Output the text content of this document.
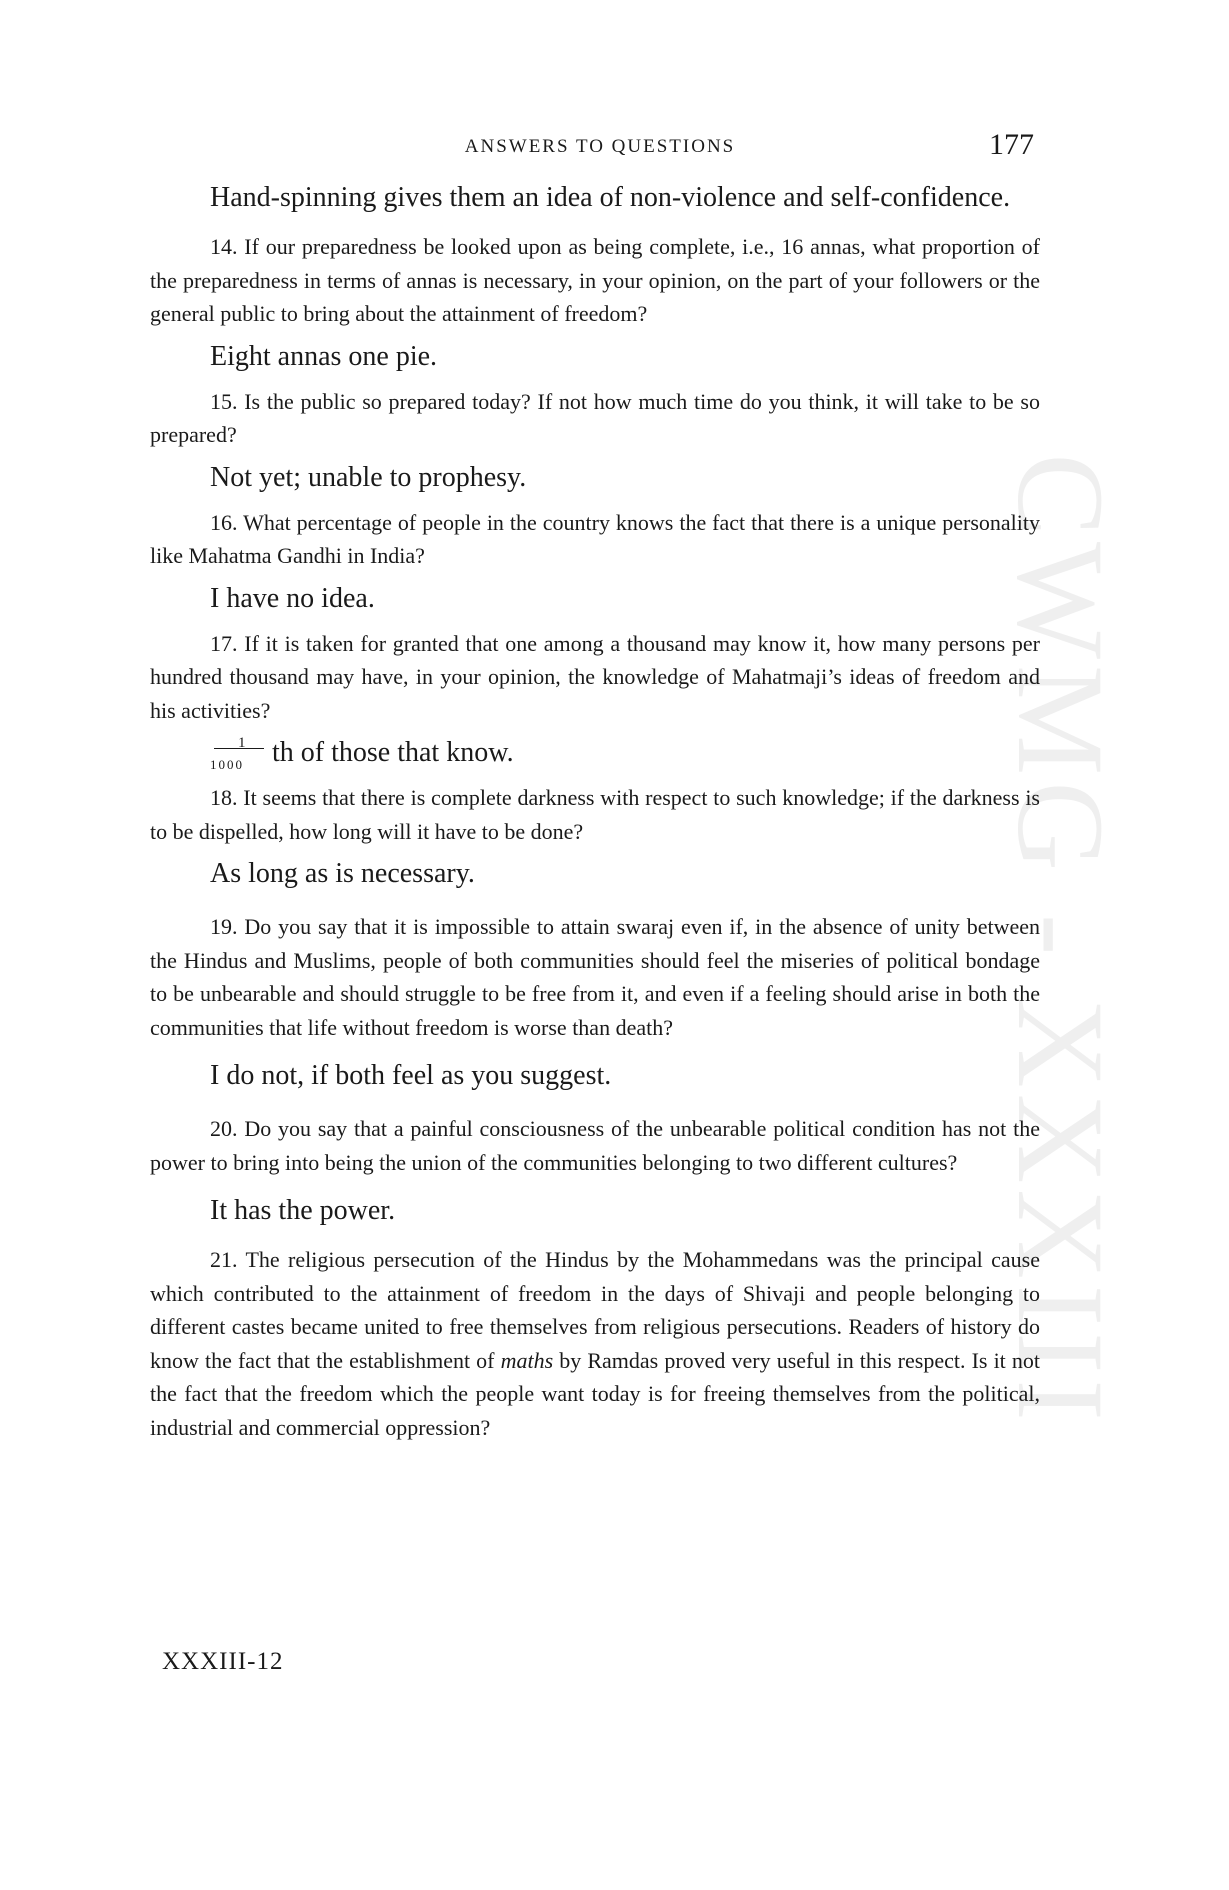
ANSWERS TO QUESTIONS	177
CWMG - XXXIII

Hand-spinning gives them an idea of non-violence and self-confidence.

14. If our preparedness be looked upon as being complete, i.e., 16 annas, what proportion of the preparedness in terms of annas is necessary, in your opinion, on the part of your followers or the general public to bring about the attainment of freedom?

Eight annas one pie.

15. Is the public so prepared today? If not how much time do you think, it will take to be so prepared?

Not yet; unable to prophesy.

16. What percentage of people in the country knows the fact that there is a unique personality like Mahatma Gandhi in India?

I have no idea.

17. If it is taken for granted that one among a thousand may know it, how many persons per hundred thousand may have, in your opinion, the knowledge of Mahatmaji’s ideas of freedom and his activities?

1
1000 th of those that know.

18. It seems that there is complete darkness with respect to such knowledge; if the darkness is to be dispelled, how long will it have to be done?

As long as is necessary.

19. Do you say that it is impossible to attain swaraj even if, in the absence of unity between the Hindus and Muslims, people of both communities should feel the miseries of political bondage to be unbearable and should struggle to be free from it, and even if a feeling should arise in both the communities that life without freedom is worse than death?

I do not, if both feel as you suggest.

20. Do you say that a painful consciousness of the unbearable political condition has not the power to bring into being the union of the communities belonging to two different cultures?

It has the power.

21. The religious persecution of the Hindus by the Mohammedans was the principal cause which contributed to the attainment of freedom in the days of Shivaji and people belonging to different castes became united to free themselves from religious persecutions. Readers of history do know the fact that the establishment of maths by Ramdas proved very useful in this respect. Is it not the fact that the freedom which the people want today is for freeing themselves from the political, industrial and commercial oppression?

XXXIII-12
